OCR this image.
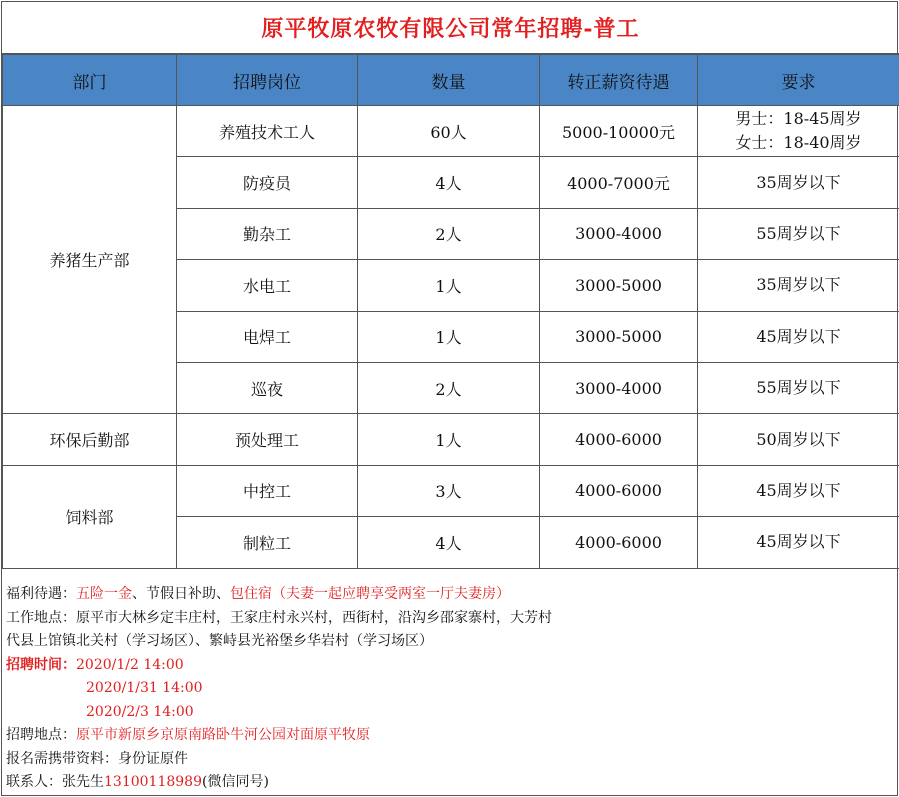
原平牧原农牧有限公司常年招聘-普工
部门	招聘岗位	数量	转正薪资待遇	要求
养猪生产部	养殖技术工人	60人	5000-10000元	男士：18-45周岁
女士：18-40周岁

	防疫员	4人	4000-7000元	35周岁以下
	勤杂工	2人	3000-4000	55周岁以下
	水电工	1人	3000-5000	35周岁以下
	电焊工	1人	3000-5000	45周岁以下
	巡夜	2人	3000-4000	55周岁以下
环保后勤部	预处理工	1人	4000-6000	50周岁以下
饲料部	中控工	3人	4000-6000	45周岁以下
	制粒工	4人	4000-6000	45周岁以下
福利待遇：五险一金、节假日补助、包住宿（夫妻一起应聘享受两室一厅夫妻房）
工作地点：原平市大林乡定丰庄村，王家庄村永兴村，西街村，沿沟乡邵家寨村，大芳村
代县上馆镇北关村（学习场区）、繁峙县光裕堡乡华岩村（学习场区）
招聘时间：2020/1/2 14:00
2020/1/31 14:00
2020/2/3 14:00
招聘地点：原平市新原乡京原南路卧牛河公园对面原平牧原
报名需携带资料：身份证原件
联系人：张先生13100118989(微信同号)
